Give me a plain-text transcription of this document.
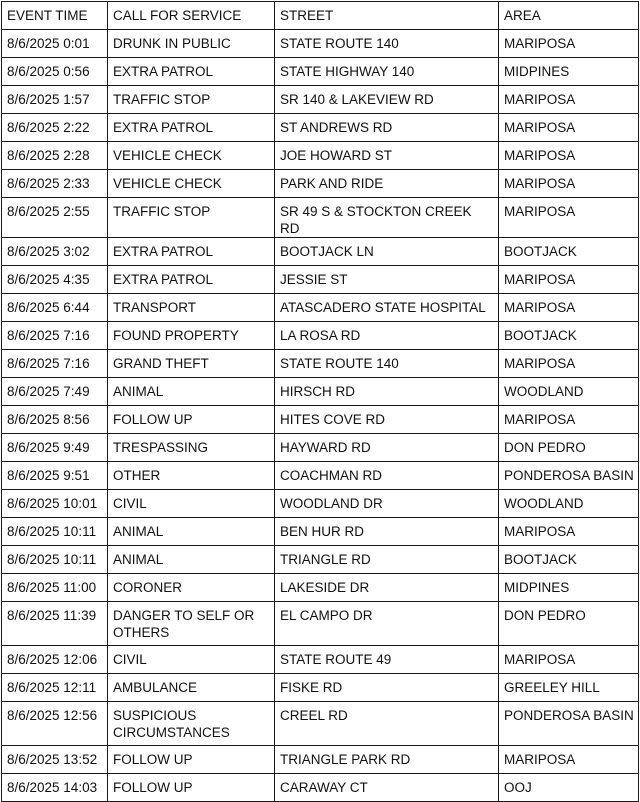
EVENT TIME	CALL FOR SERVICE	STREET	AREA
8/6/2025 0:01	DRUNK IN PUBLIC	STATE ROUTE 140	MARIPOSA
8/6/2025 0:56	EXTRA PATROL	STATE HIGHWAY 140	MIDPINES
8/6/2025 1:57	TRAFFIC STOP	SR 140 & LAKEVIEW RD	MARIPOSA
8/6/2025 2:22	EXTRA PATROL	ST ANDREWS RD	MARIPOSA
8/6/2025 2:28	VEHICLE CHECK	JOE HOWARD ST	MARIPOSA
8/6/2025 2:33	VEHICLE CHECK	PARK AND RIDE	MARIPOSA
8/6/2025 2:55	TRAFFIC STOP	SR 49 S & STOCKTON CREEK RD	MARIPOSA
8/6/2025 3:02	EXTRA PATROL	BOOTJACK LN	BOOTJACK
8/6/2025 4:35	EXTRA PATROL	JESSIE ST	MARIPOSA
8/6/2025 6:44	TRANSPORT	ATASCADERO STATE HOSPITAL	MARIPOSA
8/6/2025 7:16	FOUND PROPERTY	LA ROSA RD	BOOTJACK
8/6/2025 7:16	GRAND THEFT	STATE ROUTE 140	MARIPOSA
8/6/2025 7:49	ANIMAL	HIRSCH RD	WOODLAND
8/6/2025 8:56	FOLLOW UP	HITES COVE RD	MARIPOSA
8/6/2025 9:49	TRESPASSING	HAYWARD RD	DON PEDRO
8/6/2025 9:51	OTHER	COACHMAN RD	PONDEROSA BASIN
8/6/2025 10:01	CIVIL	WOODLAND DR	WOODLAND
8/6/2025 10:11	ANIMAL	BEN HUR RD	MARIPOSA
8/6/2025 10:11	ANIMAL	TRIANGLE RD	BOOTJACK
8/6/2025 11:00	CORONER	LAKESIDE DR	MIDPINES
8/6/2025 11:39	DANGER TO SELF OR OTHERS	EL CAMPO DR	DON PEDRO
8/6/2025 12:06	CIVIL	STATE ROUTE 49	MARIPOSA
8/6/2025 12:11	AMBULANCE	FISKE RD	GREELEY HILL
8/6/2025 12:56	SUSPICIOUS CIRCUMSTANCES	CREEL RD	PONDEROSA BASIN
8/6/2025 13:52	FOLLOW UP	TRIANGLE PARK RD	MARIPOSA
8/6/2025 14:03	FOLLOW UP	CARAWAY CT	OOJ
